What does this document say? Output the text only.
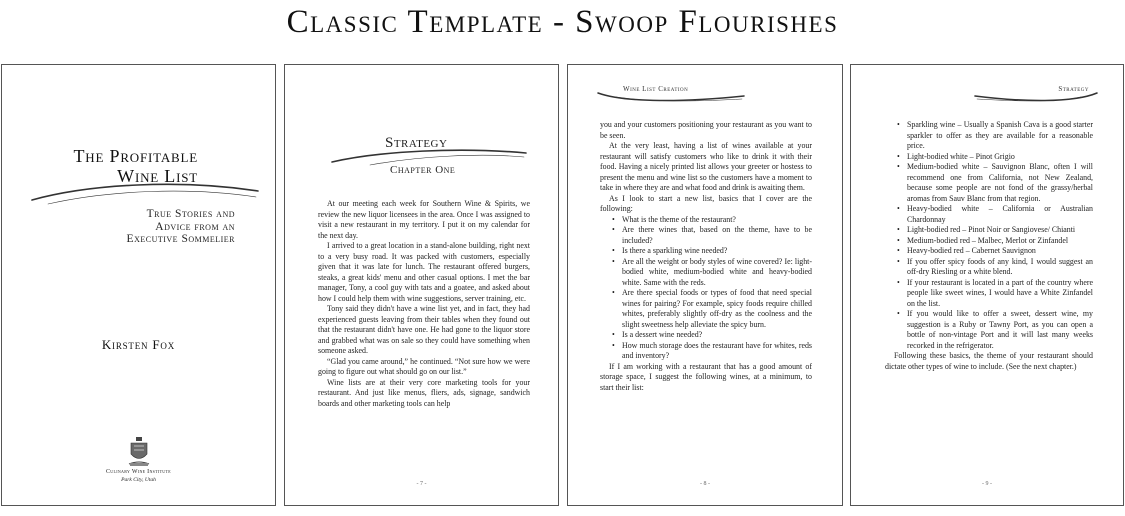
Classic Template - Swoop Flourishes
The Profitable
Wine List
True Stories and
Advice from an
Executive Sommelier
Kirsten Fox
Culinary Wine Institute
Park City, Utah
Strategy
Chapter One

At our meeting each week for Southern Wine & Spirits, we review the new liquor licensees in the area. Once I was assigned to visit a new restaurant in my territory. I put it on my calendar for the next day.

I arrived to a great location in a stand-alone building, right next to a very busy road. It was packed with customers, especially given that it was late for lunch. The restaurant offered burgers, steaks, a great kids' menu and other casual options. I met the bar manager, Tony, a cool guy with tats and a goatee, and asked about how I could help them with wine suggestions, server training, etc.

Tony said they didn't have a wine list yet, and in fact, they had experienced guests leaving from their tables when they found out that the restaurant didn't have one. He had gone to the liquor store and grabbed what was on sale so they could have something when someone asked.

“Glad you came around,” he continued. “Not sure how we were going to figure out what should go on our list.”

Wine lists are at their very core marketing tools for your restaurant. And just like menus, fliers, ads, signage, sandwich boards and other marketing tools can help

- 7 -
Wine List Creation
you and your customers positioning your restaurant as you want to be seen.

At the very least, having a list of wines available at your restaurant will satisfy customers who like to drink it with their food. Having a nicely printed list allows your greeter or hostess to present the menu and wine list so the customers have a moment to take in where they are and what food and drink is awaiting them.

As I look to start a new list, basics that I cover are the following:

• What is the theme of the restaurant?
• Are there wines that, based on the theme, have to be included?
• Is there a sparkling wine needed?
• Are all the weight or body styles of wine covered? Ie: light-bodied white, medium-bodied white and heavy-bodied white. Same with the reds.
• Are there special foods or types of food that need special wines for pairing? For example, spicy foods require chilled whites, preferably slightly off-dry as the coolness and the slight sweetness help alleviate the spicy burn.
• Is a dessert wine needed?
• How much storage does the restaurant have for whites, reds and inventory?

If I am working with a restaurant that has a good amount of storage space, I suggest the following wines, at a minimum, to start their list:

- 8 -
Strategy
• Sparkling wine – Usually a Spanish Cava is a good starter sparkler to offer as they are available for a reasonable price.
• Light-bodied white – Pinot Grigio
• Medium-bodied white – Sauvignon Blanc, often I will recommend one from California, not New Zealand, because some people are not fond of the grassy/herbal aromas from Sauv Blanc from that region.
• Heavy-bodied white – California or Australian Chardonnay
• Light-bodied red – Pinot Noir or Sangiovese/ Chianti
• Medium-bodied red – Malbec, Merlot or Zinfandel
• Heavy-bodied red – Cabernet Sauvignon
• If you offer spicy foods of any kind, I would suggest an off-dry Riesling or a white blend.
• If your restaurant is located in a part of the country where people like sweet wines, I would have a White Zinfandel on the list.
• If you would like to offer a sweet, dessert wine, my suggestion is a Ruby or Tawny Port, as you can open a bottle of non-vintage Port and it will last many weeks recorked in the refrigerator.

Following these basics, the theme of your restaurant should dictate other types of wine to include. (See the next chapter.)

- 9 -
